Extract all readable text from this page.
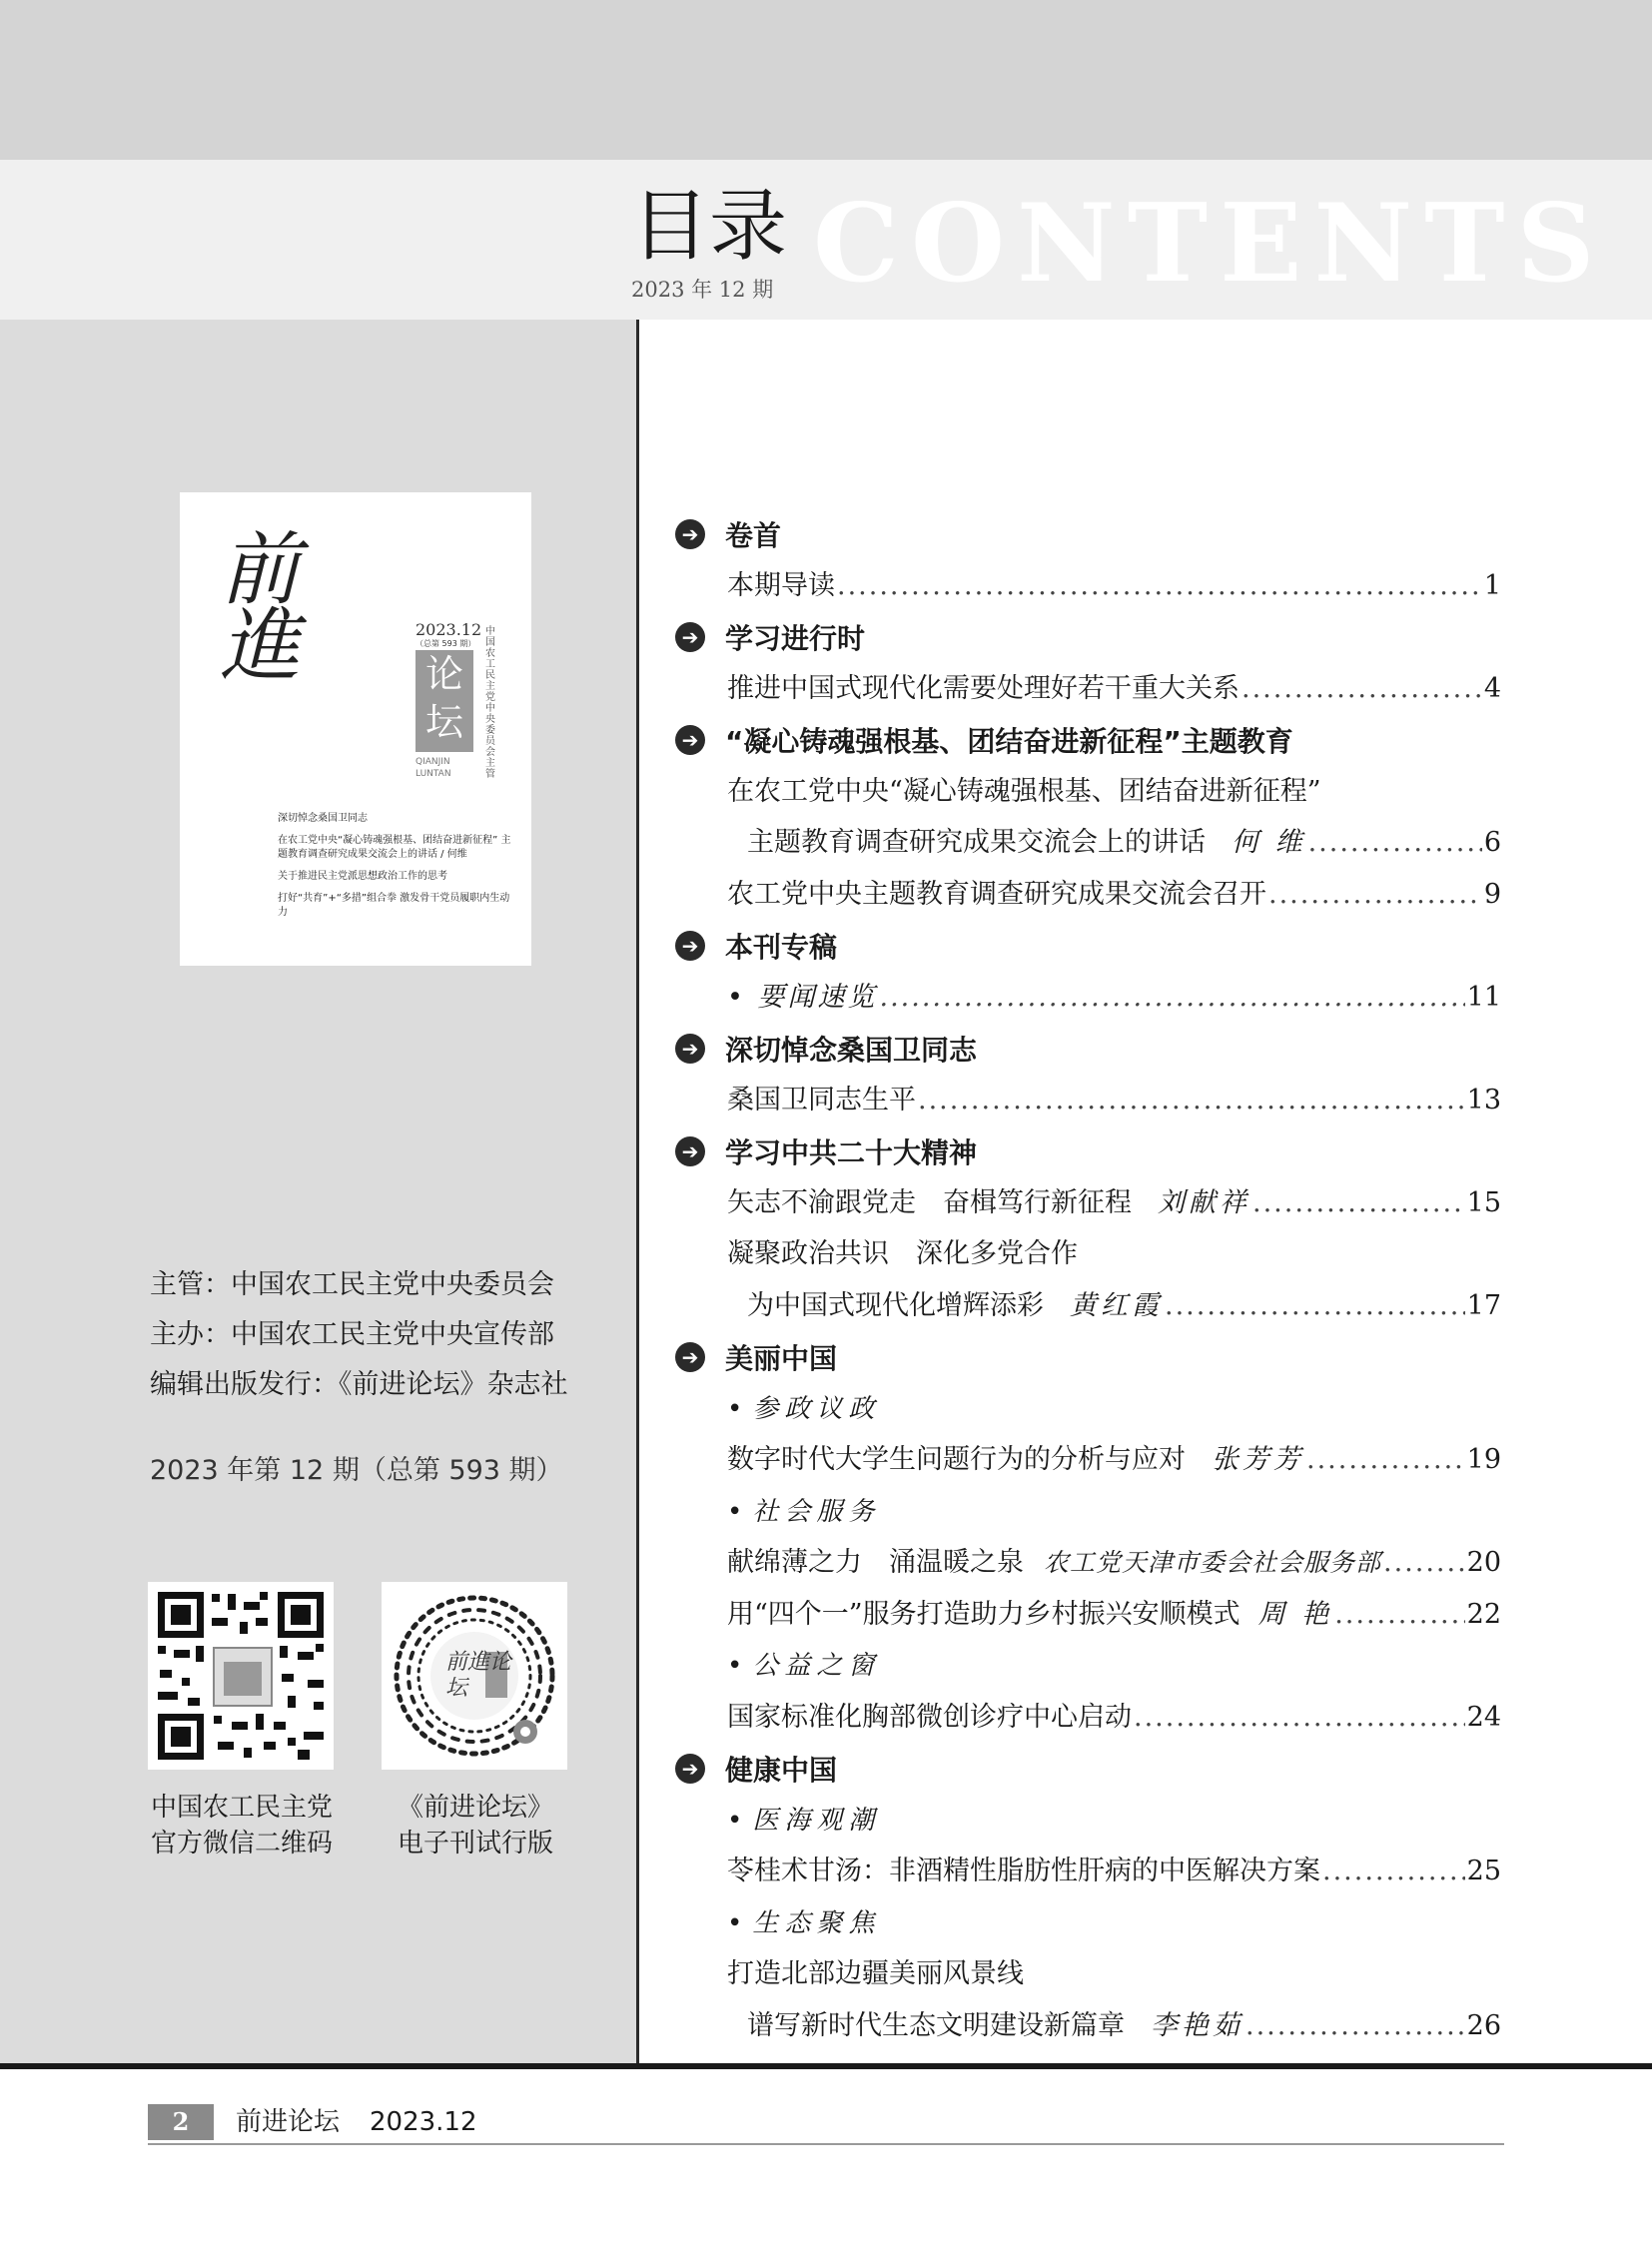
目录
2023 年 12 期 CONTENTS
前進	2023.12
（总第 593 期）
论坛
QIANJIN LUNTAN
中国农工民主党中央委员会 主管
深切悼念桑国卫同志
在农工党中央“凝心铸魂强根基、团结奋进新征程” 主题教育调查研究成果交流会上的讲话 / 何维
关于推进民主党派思想政治工作的思考
打好“共育”+“多措”组合拳 激发骨干党员履职内生动力
主管：中国农工民主党中央委员会
主办：中国农工民主党中央宣传部
编辑出版发行：《前进论坛》杂志社
2023 年第 12 期（总第 593 期）
前進论坛
中国农工民主党
官方微信二维码
《前进论坛》
电子刊试行版
➔ 卷首
本期导读 .....	1
➔ 学习进行时
推进中国式现代化需要处理好若干重大关系 .....	4
➔ “凝心铸魂强根基、团结奋进新征程”主题教育
在农工党中央“凝心铸魂强根基、团结奋进新征程”
主题教育调查研究成果交流会上的讲话 何 维 .....	6
农工党中央主题教育调查研究成果交流会召开 .....	9
➔ 本刊专稿
• 要闻速览 .....	11
➔ 深切悼念桑国卫同志
桑国卫同志生平 .....	13
➔ 学习中共二十大精神
矢志不渝跟党走　奋楫笃行新征程 刘献祥 .....	15
凝聚政治共识　深化多党合作
为中国式现代化增辉添彩 黄红霞 .....	17
➔ 美丽中国
• 参政议政
数字时代大学生问题行为的分析与应对 张芳芳 .....	19
• 社会服务
献绵薄之力　涌温暖之泉 农工党天津市委会社会服务部 .....	20
用“四个一”服务打造助力乡村振兴安顺模式 周 艳 .....	22
• 公益之窗
国家标准化胸部微创诊疗中心启动 .....	24
➔ 健康中国
• 医海观潮
苓桂术甘汤：非酒精性脂肪性肝病的中医解决方案 .....	25
• 生态聚焦
打造北部边疆美丽风景线
谱写新时代生态文明建设新篇章 李艳茹 .....	26
2	前进论坛 2023.12
